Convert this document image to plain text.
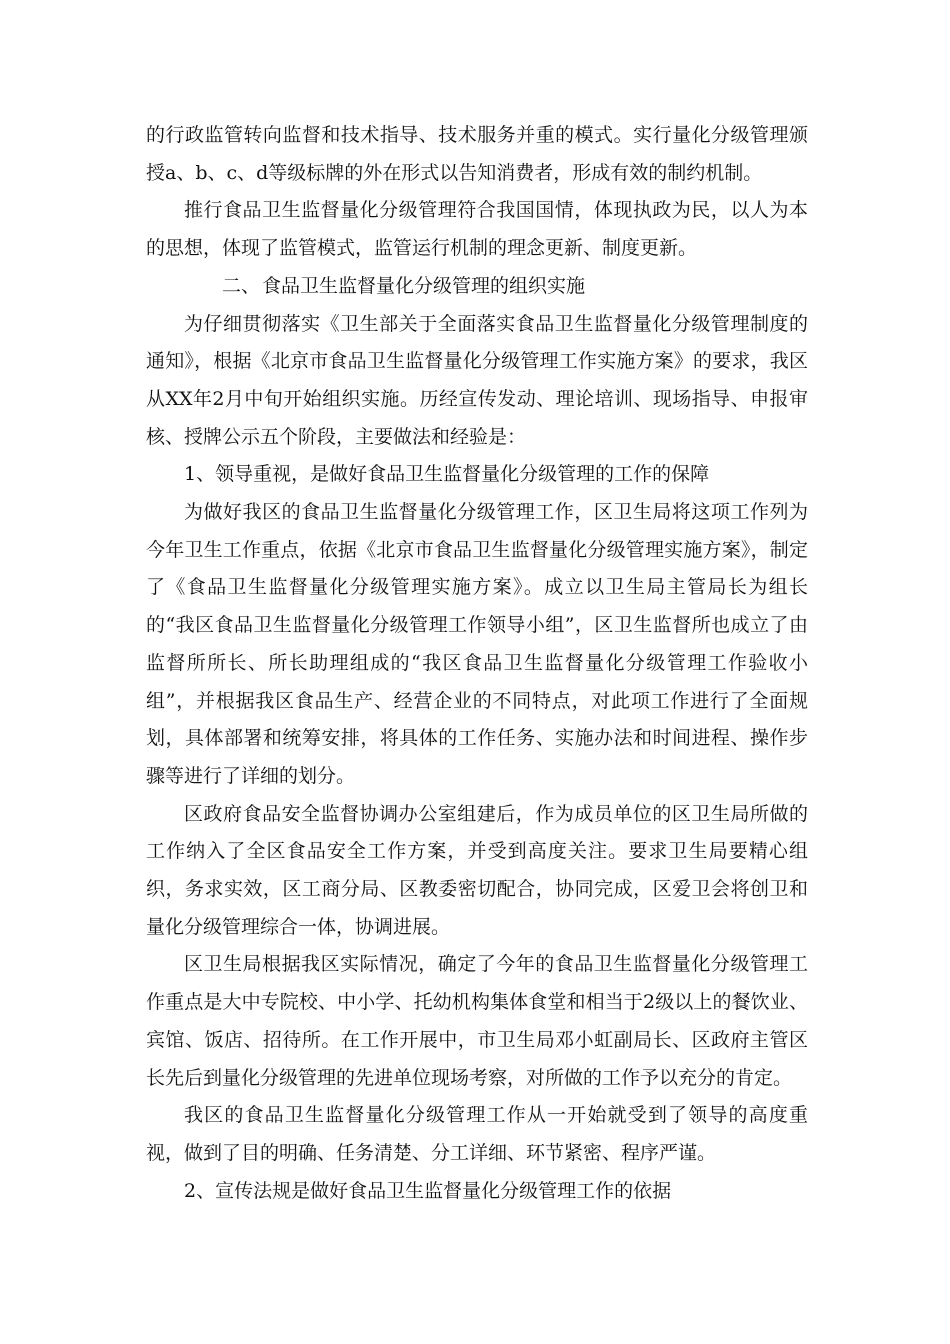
的行政监管转向监督和技术指导、技术服务并重的模式。实行量化分级管理颁授a、b、c、d等级标牌的外在形式以告知消费者，形成有效的制约机制。

推行食品卫生监督量化分级管理符合我国国情，体现执政为民，以人为本的思想，体现了监管模式，监管运行机制的理念更新、制度更新。

二、 食品卫生监督量化分级管理的组织实施

为仔细贯彻落实《卫生部关于全面落实食品卫生监督量化分级管理制度的通知》，根据《北京市食品卫生监督量化分级管理工作实施方案》的要求，我区从XX年2月中旬开始组织实施。历经宣传发动、理论培训、现场指导、申报审核、授牌公示五个阶段，主要做法和经验是：

1、领导重视，是做好食品卫生监督量化分级管理的工作的保障

为做好我区的食品卫生监督量化分级管理工作，区卫生局将这项工作列为今年卫生工作重点，依据《北京市食品卫生监督量化分级管理实施方案》，制定了《食品卫生监督量化分级管理实施方案》。成立以卫生局主管局长为组长的“我区食品卫生监督量化分级管理工作领导小组”，区卫生监督所也成立了由监督所所长、所长助理组成的“我区食品卫生监督量化分级管理工作验收小组”，并根据我区食品生产、经营企业的不同特点，对此项工作进行了全面规划，具体部署和统筹安排，将具体的工作任务、实施办法和时间进程、操作步骤等进行了详细的划分。

区政府食品安全监督协调办公室组建后，作为成员单位的区卫生局所做的工作纳入了全区食品安全工作方案，并受到高度关注。要求卫生局要精心组织，务求实效，区工商分局、区教委密切配合，协同完成，区爱卫会将创卫和量化分级管理综合一体，协调进展。

区卫生局根据我区实际情况，确定了今年的食品卫生监督量化分级管理工作重点是大中专院校、中小学、托幼机构集体食堂和相当于2级以上的餐饮业、宾馆、饭店、招待所。在工作开展中，市卫生局邓小虹副局长、区政府主管区长先后到量化分级管理的先进单位现场考察，对所做的工作予以充分的肯定。

我区的食品卫生监督量化分级管理工作从一开始就受到了领导的高度重视，做到了目的明确、任务清楚、分工详细、环节紧密、程序严谨。

2、宣传法规是做好食品卫生监督量化分级管理工作的依据
